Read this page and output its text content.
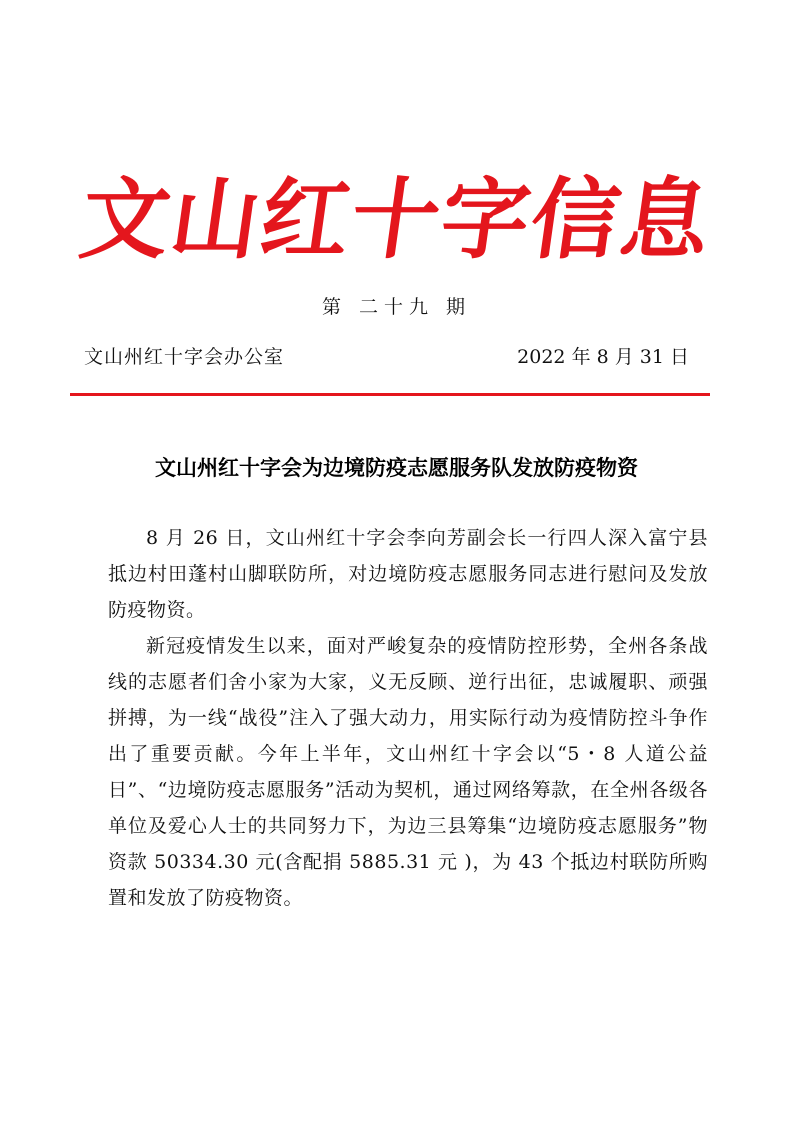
文山红十字信息
第 二十九 期
文山州红十字会办公室	2022 年 8 月 31 日
文山州红十字会为边境防疫志愿服务队发放防疫物资

8 月 26 日，文山州红十字会李向芳副会长一行四人深入富宁县抵边村田蓬村山脚联防所，对边境防疫志愿服务同志进行慰问及发放防疫物资。

新冠疫情发生以来，面对严峻复杂的疫情防控形势，全州各条战线的志愿者们舍小家为大家，义无反顾、逆行出征，忠诚履职、顽强拼搏，为一线“战役”注入了强大动力，用实际行动为疫情防控斗争作出了重要贡献。今年上半年，文山州红十字会以“5・8 人道公益日”、“边境防疫志愿服务”活动为契机，通过网络筹款，在全州各级各单位及爱心人士的共同努力下，为边三县筹集“边境防疫志愿服务”物资款 50334.30 元(含配捐 5885.31 元 )，为 43 个抵边村联防所购置和发放了防疫物资。
